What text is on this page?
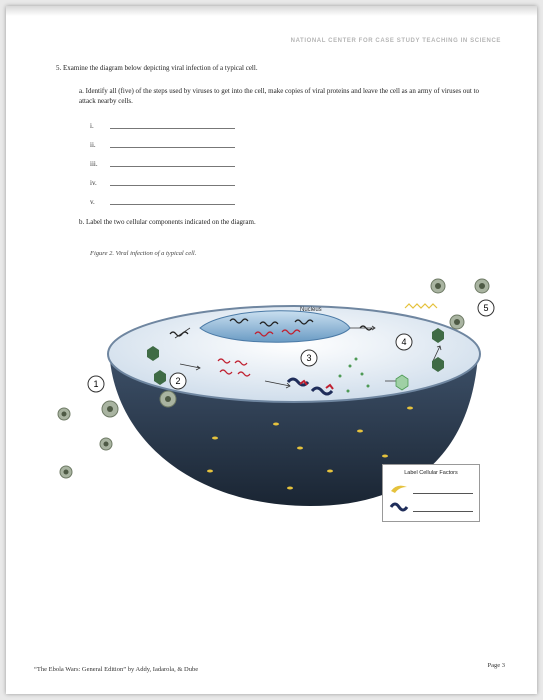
NATIONAL CENTER FOR CASE STUDY TEACHING IN SCIENCE
5. Examine the diagram below depicting viral infection of a typical cell.
a. Identify all (five) of the steps used by viruses to get into the cell, make copies of viral proteins and leave the cell as an army of viruses out to attack nearby cells.
i.
ii.
iii.
iv.
v.
b. Label the two cellular components indicated on the diagram.
Figure 2. Viral infection of a typical cell.
Nucleus
1	2
3
4
5
Label Cellular Factors
“The Ebola Wars: General Edition” by Addy, Iadarola, & Dube
Page 3
